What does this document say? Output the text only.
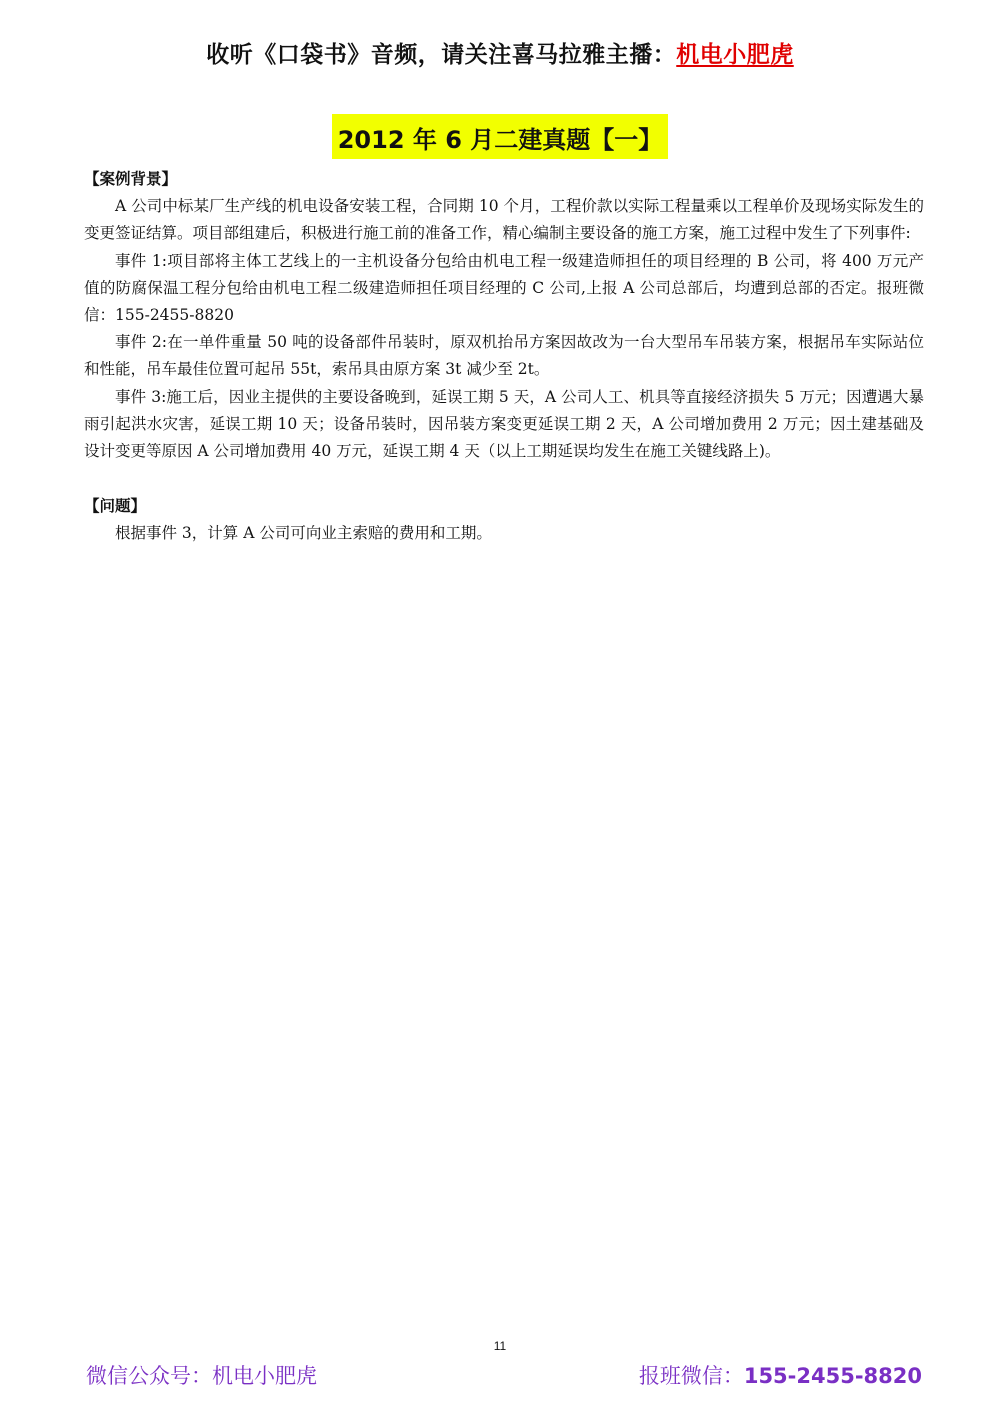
收听《口袋书》音频，请关注喜马拉雅主播：机电小肥虎
2012 年 6 月二建真题【一】

【案例背景】

A 公司中标某厂生产线的机电设备安装工程，合同期 10 个月，工程价款以实际工程量乘以工程单价及现场实际发生的变更签证结算。项目部组建后，积极进行施工前的准备工作，精心编制主要设备的施工方案，施工过程中发生了下列事件:

事件 1:项目部将主体工艺线上的一主机设备分包给由机电工程一级建造师担任的项目经理的 B 公司，将 400 万元产值的防腐保温工程分包给由机电工程二级建造师担任项目经理的 C 公司,上报 A 公司总部后，均遭到总部的否定。报班微信：155-2455-8820

事件 2:在一单件重量 50 吨的设备部件吊装时，原双机抬吊方案因故改为一台大型吊车吊装方案，根据吊车实际站位和性能，吊车最佳位置可起吊 55t，索吊具由原方案 3t 减少至 2t。

事件 3:施工后，因业主提供的主要设备晚到，延误工期 5 天，A 公司人工、机具等直接经济损失 5 万元；因遭遇大暴雨引起洪水灾害，延误工期 10 天；设备吊装时，因吊装方案变更延误工期 2 天，A 公司增加费用 2 万元；因土建基础及设计变更等原因 A 公司增加费用 40 万元，延误工期 4 天（以上工期延误均发生在施工关键线路上)。

【问题】

根据事件 3，计算 A 公司可向业主索赔的费用和工期。

11
微信公众号：机电小肥虎	报班微信：155-2455-8820
